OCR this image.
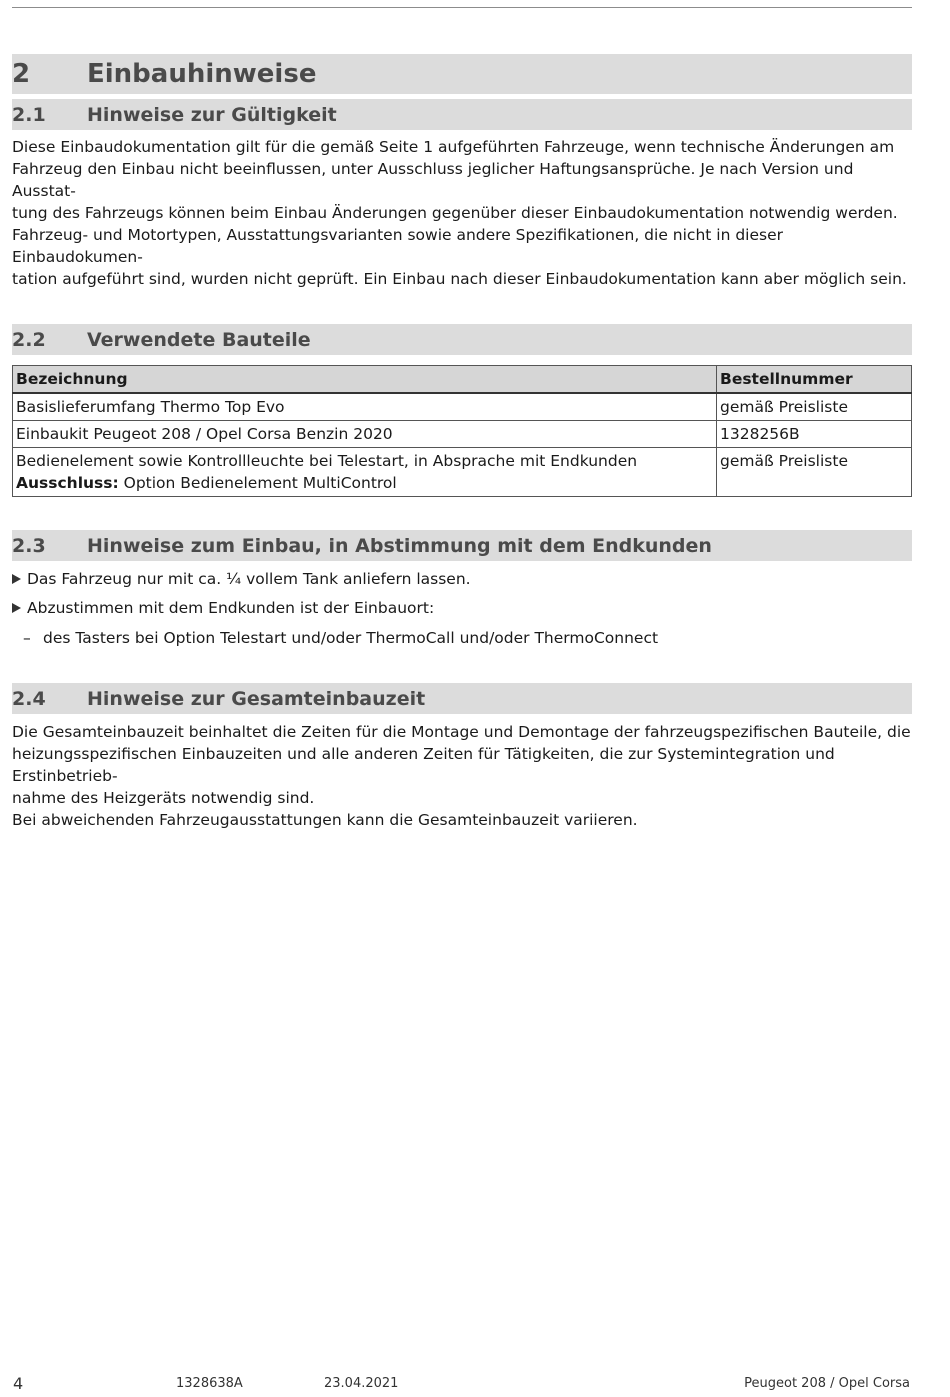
2	Einbauhinweise
2.1	Hinweise zur Gültigkeit

Diese Einbaudokumentation gilt für die gemäß Seite 1 aufgeführten Fahrzeuge, wenn technische Änderungen am
Fahrzeug den Einbau nicht beeinflussen, unter Ausschluss jeglicher Haftungsansprüche. Je nach Version und Ausstat-
tung des Fahrzeugs können beim Einbau Änderungen gegenüber dieser Einbaudokumentation notwendig werden.
Fahrzeug- und Motortypen, Ausstattungsvarianten sowie andere Spezifikationen, die nicht in dieser Einbaudokumen-
tation aufgeführt sind, wurden nicht geprüft. Ein Einbau nach dieser Einbaudokumentation kann aber möglich sein.

2.2	Verwendete Bauteile
Bezeichnung	Bestellnummer
Basislieferumfang Thermo Top Evo	gemäß Preisliste
Einbaukit Peugeot 208 / Opel Corsa Benzin 2020	1328256B
Bedienelement sowie Kontrollleuchte bei Telestart, in Absprache mit Endkunden
Ausschluss: Option Bedienelement MultiControl	gemäß Preisliste
2.3	Hinweise zum Einbau, in Abstimmung mit dem Endkunden
Das Fahrzeug nur mit ca. ¼ vollem Tank anliefern lassen.
Abzustimmen mit dem Endkunden ist der Einbauort:
– des Tasters bei Option Telestart und/oder ThermoCall und/oder ThermoConnect
2.4	Hinweise zur Gesamteinbauzeit

Die Gesamteinbauzeit beinhaltet die Zeiten für die Montage und Demontage der fahrzeugspezifischen Bauteile, die
heizungsspezifischen Einbauzeiten und alle anderen Zeiten für Tätigkeiten, die zur Systemintegration und Erstinbetrieb-
nahme des Heizgeräts notwendig sind.
Bei abweichenden Fahrzeugausstattungen kann die Gesamteinbauzeit variieren.

4	1328638A	23.04.2021	Peugeot 208 / Opel Corsa
